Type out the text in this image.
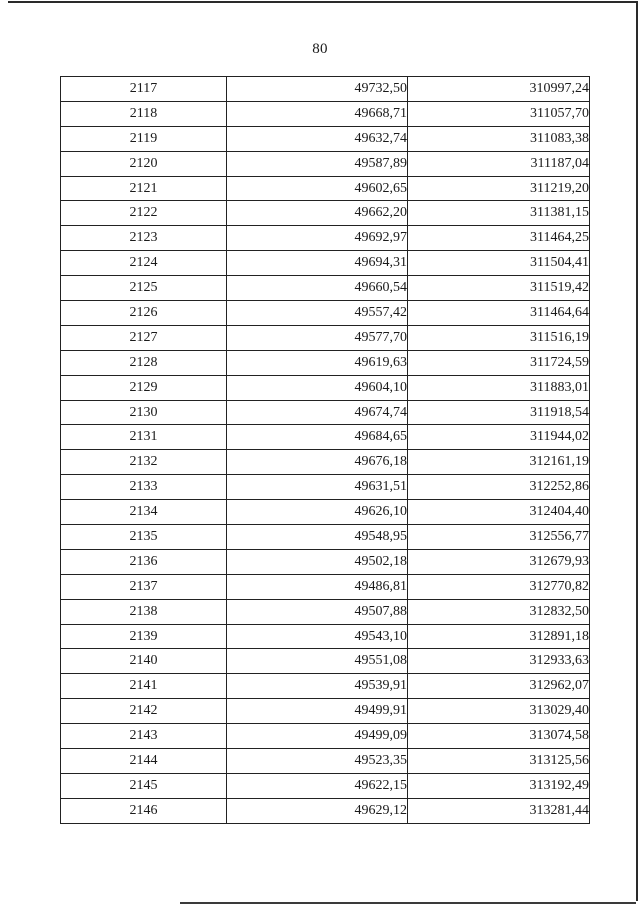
80
2117	49732,50	310997,24
2118	49668,71	311057,70
2119	49632,74	311083,38
2120	49587,89	311187,04
2121	49602,65	311219,20
2122	49662,20	311381,15
2123	49692,97	311464,25
2124	49694,31	311504,41
2125	49660,54	311519,42
2126	49557,42	311464,64
2127	49577,70	311516,19
2128	49619,63	311724,59
2129	49604,10	311883,01
2130	49674,74	311918,54
2131	49684,65	311944,02
2132	49676,18	312161,19
2133	49631,51	312252,86
2134	49626,10	312404,40
2135	49548,95	312556,77
2136	49502,18	312679,93
2137	49486,81	312770,82
2138	49507,88	312832,50
2139	49543,10	312891,18
2140	49551,08	312933,63
2141	49539,91	312962,07
2142	49499,91	313029,40
2143	49499,09	313074,58
2144	49523,35	313125,56
2145	49622,15	313192,49
2146	49629,12	313281,44
